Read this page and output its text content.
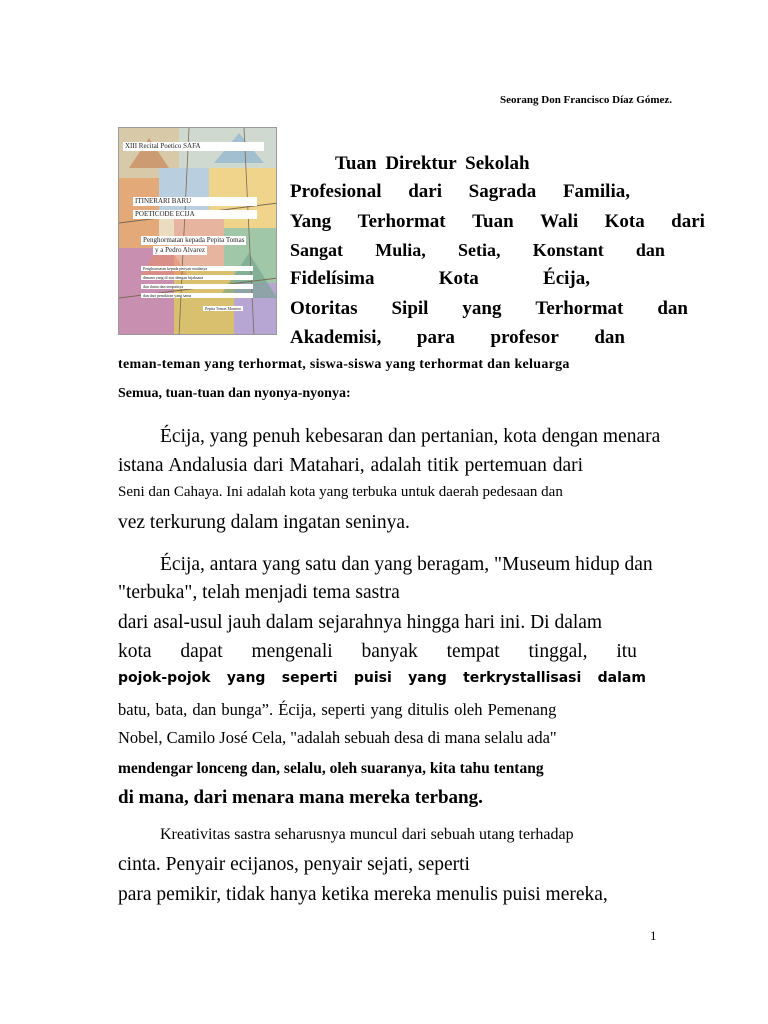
Seorang Don Francisco Díaz Gómez.
XIII Recital Poetico SAFA
ITINERARI BARU
POETICODE ECIJA
Penghormatan kepada Pepita Tomas
y a Pedro Alvarez
Penghormatan kepada penyair mudanya
dimana yang di sini dengan bijaksana
dan dunia dan tempatnya
dan dari pemikiran yang sama
Pepita Tomas Montero
Tuan Direktur Sekolah
Profesional dari Sagrada Familia,
Yang Terhormat Tuan Wali Kota dari
Sangat Mulia, Setia, Konstant dan
Fidelísima	Kota	Écija,
Otoritas Sipil yang Terhormat dan
Akademisi, para profesor dan
teman-teman yang terhormat, siswa-siswa yang terhormat dan keluarga
Semua, tuan-tuan dan nyonya-nyonya:
Écija, yang penuh kebesaran dan pertanian, kota dengan menara
istana Andalusia dari Matahari, adalah titik pertemuan dari
Seni dan Cahaya. Ini adalah kota yang terbuka untuk daerah pedesaan dan
vez terkurung dalam ingatan seninya.
Écija, antara yang satu dan yang beragam, "Museum hidup dan
"terbuka", telah menjadi tema sastra
dari asal-usul jauh dalam sejarahnya hingga hari ini. Di dalam
kota dapat mengenali banyak tempat tinggal, itu
pojok-pojok yang seperti puisi yang terkrystallisasi dalam
batu, bata, dan bunga”. Écija, seperti yang ditulis oleh Pemenang
Nobel, Camilo José Cela, "adalah sebuah desa di mana selalu ada"
mendengar lonceng dan, selalu, oleh suaranya, kita tahu tentang
di mana, dari menara mana mereka terbang.
Kreativitas sastra seharusnya muncul dari sebuah utang terhadap
cinta. Penyair ecijanos, penyair sejati, seperti
para pemikir, tidak hanya ketika mereka menulis puisi mereka,
1
